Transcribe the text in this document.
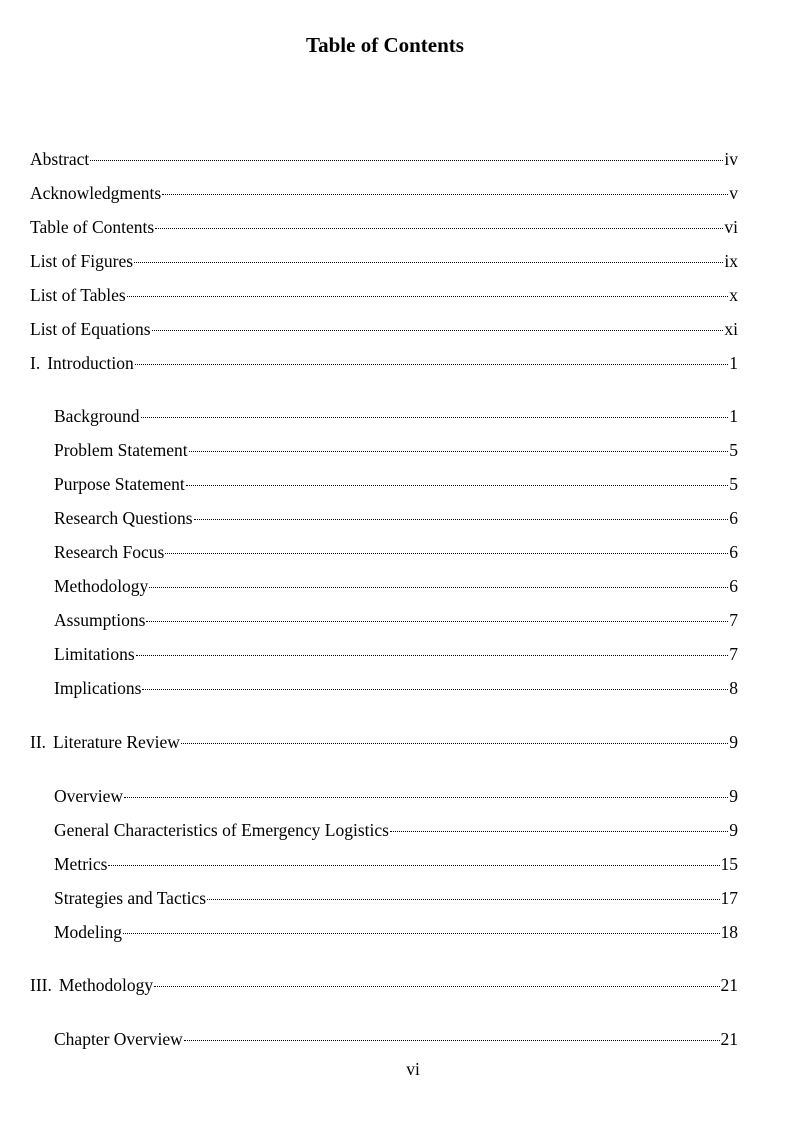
Table of Contents
Abstract	iv
Acknowledgments	v
Table of Contents	vi
List of Figures	ix
List of Tables	x
List of Equations	xi
I. Introduction	1
Background	1
Problem Statement	5
Purpose Statement	5
Research Questions	6
Research Focus	6
Methodology	6
Assumptions	7
Limitations	7
Implications	8
II. Literature Review	9
Overview	9
General Characteristics of Emergency Logistics	9
Metrics	15
Strategies and Tactics	17
Modeling	18
III. Methodology	21
Chapter Overview	21
vi
